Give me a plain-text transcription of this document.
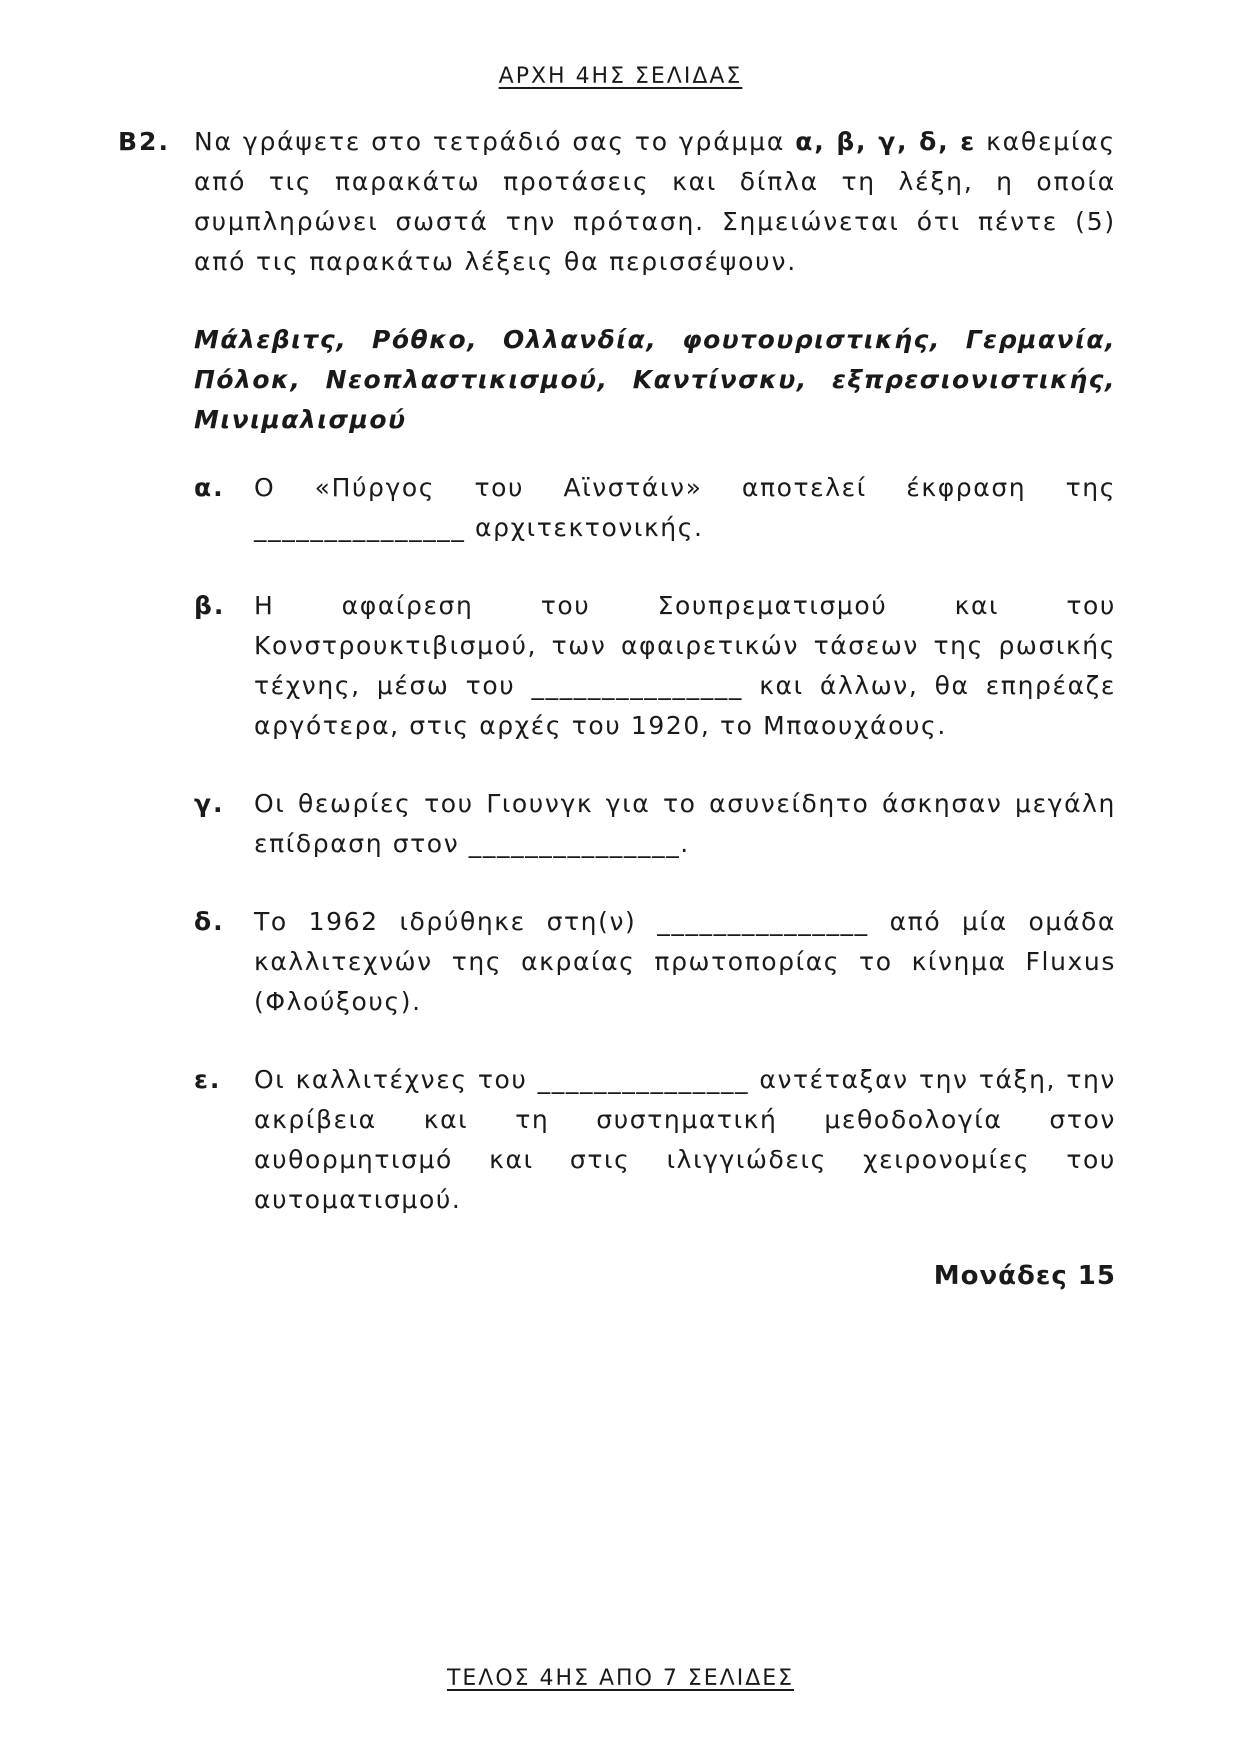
ΑΡΧΗ 4ΗΣ ΣΕΛΙΔΑΣ
Β2. Να γράψετε στο τετράδιό σας το γράμμα α, β, γ, δ, ε καθεμίας από τις παρακάτω προτάσεις και δίπλα τη λέξη, η οποία συμπληρώνει σωστά την πρόταση. Σημειώνεται ότι πέντε (5) από τις παρακάτω λέξεις θα περισσέψουν.

Μάλεβιτς, Ρόθκο, Ολλανδία, φουτουριστικής, Γερμανία, Πόλοκ, Νεοπλαστικισμού, Καντίνσκυ, εξπρεσιονιστικής, Μινιμαλισμού

α. Ο «Πύργος του Αϊνστάιν» αποτελεί έκφραση της _______________ αρχιτεκτονικής.
β. Η αφαίρεση του Σουπρεματισμού και του Κονστρουκτιβισμού, των αφαιρετικών τάσεων της ρωσικής τέχνης, μέσω του _______________ και άλλων, θα επηρέαζε αργότερα, στις αρχές του 1920, το Μπαουχάους.
γ. Οι θεωρίες του Γιουνγκ για το ασυνείδητο άσκησαν μεγάλη επίδραση στον _______________.
δ. Το 1962 ιδρύθηκε στη(ν) _______________ από μία ομάδα καλλιτεχνών της ακραίας πρωτοπορίας το κίνημα Fluxus (Φλούξους).
ε. Οι καλλιτέχνες του _______________ αντέταξαν την τάξη, την ακρίβεια και τη συστηματική μεθοδολογία στον αυθορμητισμό και στις ιλιγγιώδεις χειρονομίες του αυτοματισμού.
Μονάδες 15
ΤΕΛΟΣ 4ΗΣ ΑΠΟ 7 ΣΕΛΙΔΕΣ
